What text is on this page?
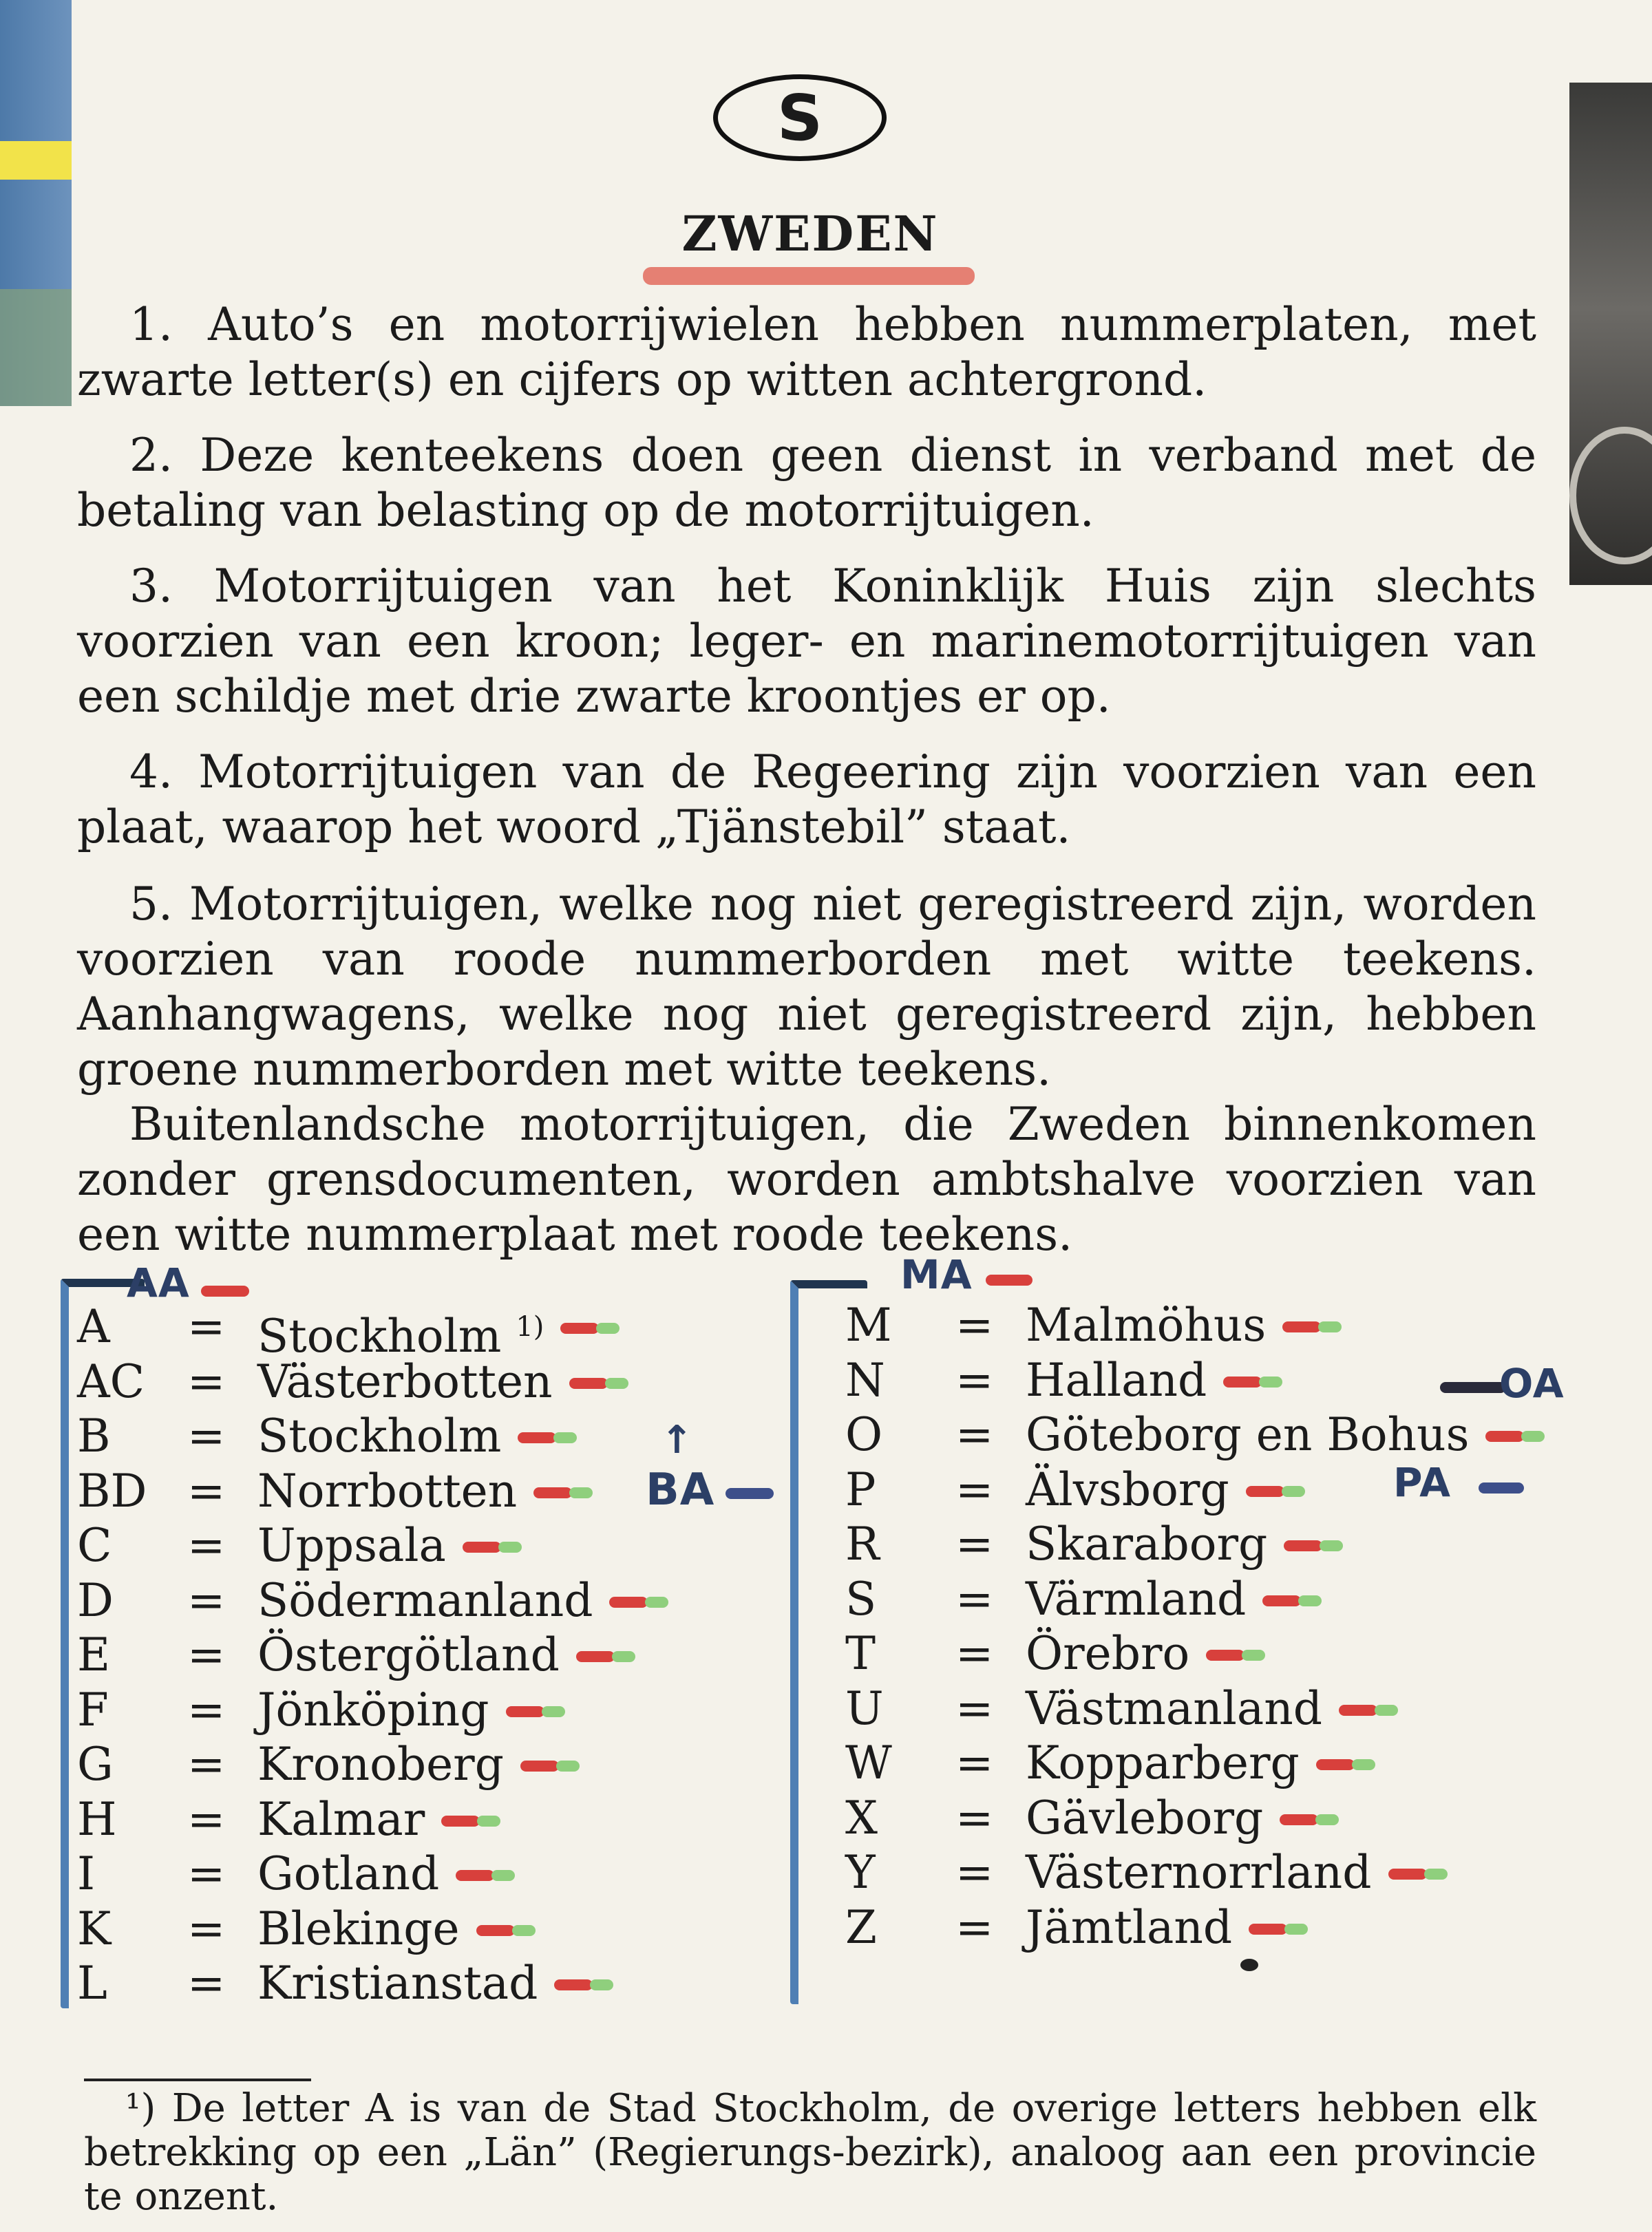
S
ZWEDEN
1. Auto’s en motorrijwielen hebben nummerplaten, met zwarte letter(s) en cijfers op witten achtergrond.
2. Deze kenteekens doen geen dienst in verband met de betaling van belasting op de motorrijtuigen.
3. Motorrijtuigen van het Koninklijk Huis zijn slechts voorzien van een kroon; leger- en marinemotorrijtuigen van een schildje met drie zwarte kroontjes er op.
4. Motorrijtuigen van de Regeering zijn voorzien van een plaat, waarop het woord „Tjänstebil” staat.
5. Motorrijtuigen, welke nog niet geregistreerd zijn, worden voorzien van roode nummerborden met witte teekens. Aanhangwagens, welke nog niet geregistreerd zijn, hebben groene nummerborden met witte teekens.
Buitenlandsche motorrijtuigen, die Zweden binnenkomen zonder grensdocumenten, worden ambtshalve voorzien van een witte nummerplaat met roode teekens.
AA	MA
BA
↑
OA
PA
A = Stockholm $^{1)}$
AC = Västerbotten
B = Stockholm
BD = Norrbotten
C = Uppsala
D = Södermanland
E = Östergötland
F = Jönköping
G = Kronoberg
H = Kalmar
I = Gotland
K = Blekinge
L = Kristianstad
M = Malmöhus
N = Halland
O = Göteborg en Bohus
P = Älvsborg
R = Skaraborg
S = Värmland
T = Örebro
U = Västmanland
W = Kopparberg
X = Gävleborg
Y = Västernorrland
Z = Jämtland
¹) De letter A is van de Stad Stockholm, de overige letters hebben elk betrekking op een „Län” (Regierungs-bezirk), analoog aan een provincie te onzent.
